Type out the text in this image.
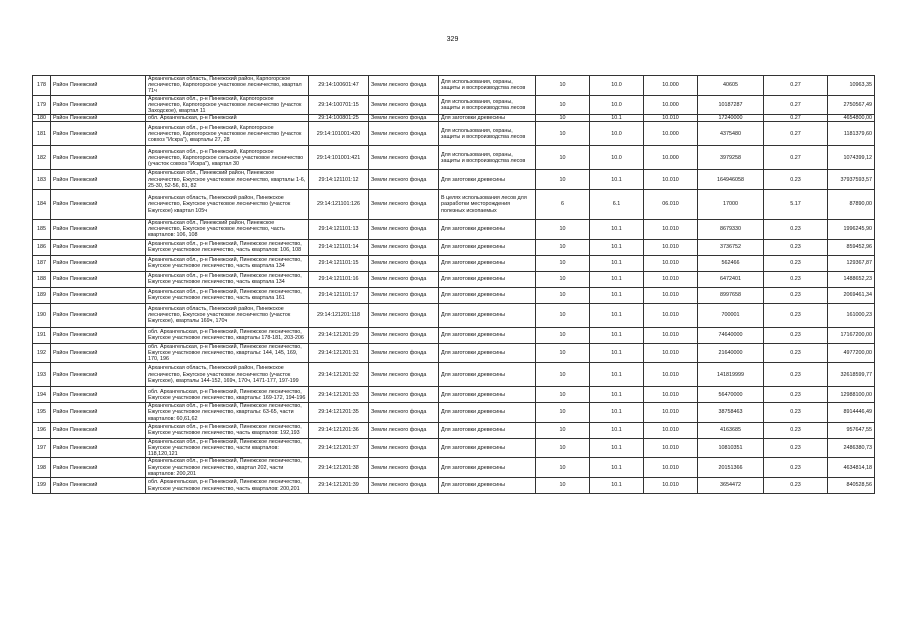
329
178	Район Пинежский	Архангельская область, Пинежский район, Карпогорское лесничество, Карпогорское участковое лесничество, квартал 71ч	29:14:100601:47	Земли лесного фонда	Для использования, охраны, защиты и воспроизводства лесов	10	10.0	10.000	40605	0.27	10963,35
179	Район Пинежский	Архангельская обл., р-н Пинежский, Карпогорское лесничество, Карпогорское участковое лесничество (участок Заходское), квартал 11	29:14:100701:15	Земли лесного фонда	Для использования, охраны, защиты и воспроизводства лесов	10	10.0	10.000	10187287	0.27	2750567,49
180	Район Пинежский	обл. Архангельская, р-н Пинежский	29:14:100801:25	Земли лесного фонда	Для заготовки древесины	10	10.1	10.010	17240000	0.27	4654800,00
181	Район Пинежский	Архангельская обл., р-н Пинежский, Карпогорское лесничество, Карпогорское участковое лесничество (участок совхоз "Искра"), кварталы 27, 28	29:14:101001:420	Земли лесного фонда	Для использования, охраны, защиты и воспроизводства лесов	10	10.0	10.000	4375480	0.27	1181379,60
182	Район Пинежский	Архангельская обл., р-н Пинежский, Карпогорское лесничество, Карпогорское сельское участковое лесничество (участок совхоз "Искра"), квартал 30	29:14:101001:421	Земли лесного фонда	Для использования, охраны, защиты и воспроизводства лесов	10	10.0	10.000	3979258	0.27	1074399,12
183	Район Пинежский	Архангельская обл., Пинежский район, Пинежское лесничество, Ежугское участковое лесничество, кварталы 1-6, 25-30, 52-56, 81, 82	29:14:121101:12	Земли лесного фонда	Для заготовки древесины	10	10.1	10.010	164946058	0.23	37937593,57
184	Район Пинежский	Архангельская область, Пинежский район, Пинежское лесничество, Ежугское участковое лесничество (участок Ежугское) квартал 105ч	29:14:121101:126	Земли лесного фонда	В целях использования лесов для разработки месторождения полезных ископаемых	6	6.1	06.010	17000	5.17	87890,00
185	Район Пинежский	Архангельская обл., Пинежский район, Пинежское лесничество, Ежугское участковое лесничество, часть кварталов: 106, 108	29:14:121101:13	Земли лесного фонда	Для заготовки древесины	10	10.1	10.010	8679330	0.23	1996245,90
186	Район Пинежский	Архангельская обл., р-н Пинежский, Пинежское лесничество, Ежугское участковое лесничество, часть кварталов: 106, 108	29:14:121101:14	Земли лесного фонда	Для заготовки древесины	10	10.1	10.010	3736752	0.23	859452,96
187	Район Пинежский	Архангельская обл., р-н Пинежский, Пинежское лесничество, Ежугское участковое лесничество, часть квартала 134	29:14:121101:15	Земли лесного фонда	Для заготовки древесины	10	10.1	10.010	562466	0.23	129367,87
188	Район Пинежский	Архангельская обл., р-н Пинежский, Пинежское лесничество, Ежугское участковое лесничество, часть квартала 134	29:14:121101:16	Земли лесного фонда	Для заготовки древесины	10	10.1	10.010	6472401	0.23	1488652,23
189	Район Пинежский	Архангельская обл., р-н Пинежский, Пинежское лесничество, Ежугское участковое лесничество, часть квартала 161	29:14:121101:17	Земли лесного фонда	Для заготовки древесины	10	10.1	10.010	8997658	0.23	2069461,34
190	Район Пинежский	Архангельская область, Пинежский район, Пинежское лесничество, Ежугское участковое лесничество (участок Ежугское), кварталы 169ч, 170ч	29:14:121201:118	Земли лесного фонда	Для заготовки древесины	10	10.1	10.010	700001	0.23	161000,23
191	Район Пинежский	обл. Архангельская, р-н Пинежский, Пинежское лесничество, Ежугское участковое лесничество, кварталы 178-181, 203-206	29:14:121201:29	Земли лесного фонда	Для заготовки древесины	10	10.1	10.010	74640000	0.23	17167200,00
192	Район Пинежский	обл. Архангельская, р-н Пинежский, Пинежское лесничество, Ежугское участковое лесничество, кварталы: 144, 145, 169, 170, 196	29:14:121201:31	Земли лесного фонда	Для заготовки древесины	10	10.1	10.010	21640000	0.23	4977200,00
193	Район Пинежский	Архангельская область, Пинежский район, Пинежское лесничество, Ежугское участковое лесничество (участок Ежугское), кварталы 144-152, 169ч, 170ч, 1471-177, 197-199	29:14:121201:32	Земли лесного фонда	Для заготовки древесины	10	10.1	10.010	141819999	0.23	32618599,77
194	Район Пинежский	обл. Архангельская, р-н Пинежский, Пинежское лесничество, Ежугское участковое лесничество, кварталы: 169-172, 194-196	29:14:121201:33	Земли лесного фонда	Для заготовки древесины	10	10.1	10.010	56470000	0.23	12988100,00
195	Район Пинежский	Архангельская обл., р-н Пинежский, Пинежское лесничество, Ежугское участковое лесничество, кварталы: 63-65, части кварталов: 60,61,62	29:14:121201:35	Земли лесного фонда	Для заготовки древесины	10	10.1	10.010	38758463	0.23	8914446,49
196	Район Пинежский	Архангельская обл., р-н Пинежский, Пинежское лесничество, Ежугское участковое лесничество, часть кварталов: 192,193	29:14:121201:36	Земли лесного фонда	Для заготовки древесины	10	10.1	10.010	4163685	0.23	957647,55
197	Район Пинежский	Архангельская обл., р-н Пинежский, Пинежское лесничество, Ежугское участковое лесничество, части кварталов: 118,120,121	29:14:121201:37	Земли лесного фонда	Для заготовки древесины	10	10.1	10.010	10810351	0.23	2486380,73
198	Район Пинежский	Архангельская обл., р-н Пинежский, Пинежское лесничество, Ежугское участковое лесничество, квартал 202, части кварталов: 200,201	29:14:121201:38	Земли лесного фонда	Для заготовки древесины	10	10.1	10.010	20151366	0.23	4634814,18
199	Район Пинежский	обл. Архангельская, р-н Пинежский, Пинежское лесничество, Ежугское участковое лесничество, часть кварталов: 200,201	29:14:121201:39	Земли лесного фонда	Для заготовки древесины	10	10.1	10.010	3654472	0.23	840528,56
